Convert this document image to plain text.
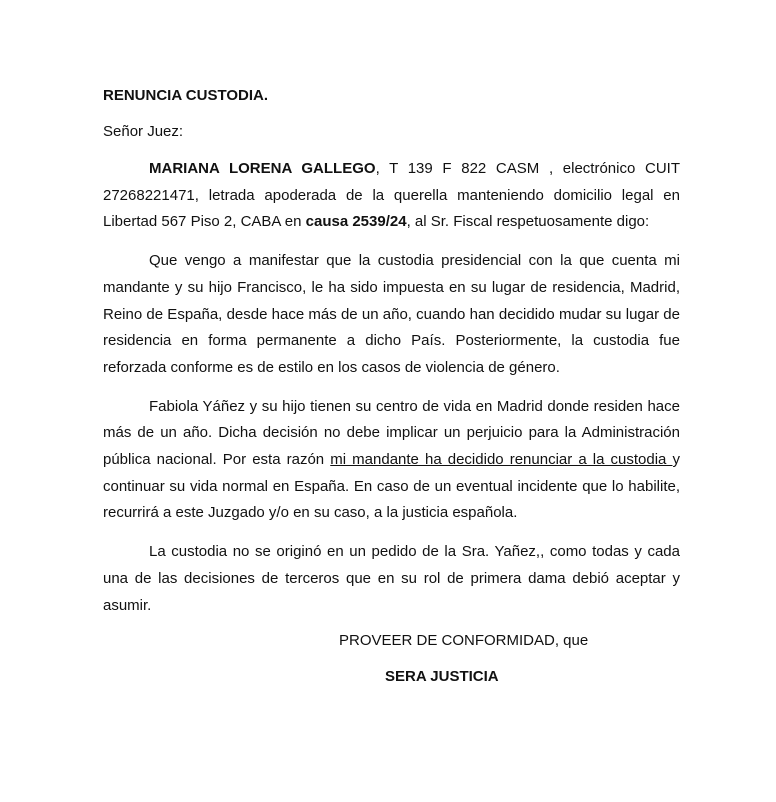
RENUNCIA CUSTODIA.

Señor Juez:

MARIANA LORENA GALLEGO, T 139 F 822 CASM , electrónico CUIT 27268221471, letrada apoderada de la querella manteniendo domicilio legal en Libertad 567 Piso 2, CABA en causa 2539/24, al Sr. Fiscal respetuosamente digo:

Que vengo a manifestar que la custodia presidencial con la que cuenta mi mandante y su hijo Francisco, le ha sido impuesta en su lugar de residencia, Madrid, Reino de España, desde hace más de un año, cuando han decidido mudar su lugar de residencia en forma permanente a dicho País. Posteriormente, la custodia fue reforzada conforme es de estilo en los casos de violencia de género.

Fabiola Yáñez y su hijo tienen su centro de vida en Madrid donde residen hace más de un año. Dicha decisión no debe implicar un perjuicio para la Administración pública nacional. Por esta razón mi mandante ha decidido renunciar a la custodia y continuar su vida normal en España. En caso de un eventual incidente que lo habilite, recurrirá a este Juzgado y/o en su caso, a la justicia española.

La custodia no se originó en un pedido de la Sra. Yañez,, como todas y cada una de las decisiones de terceros que en su rol de primera dama debió aceptar y asumir.

PROVEER DE CONFORMIDAD, que

SERA JUSTICIA
